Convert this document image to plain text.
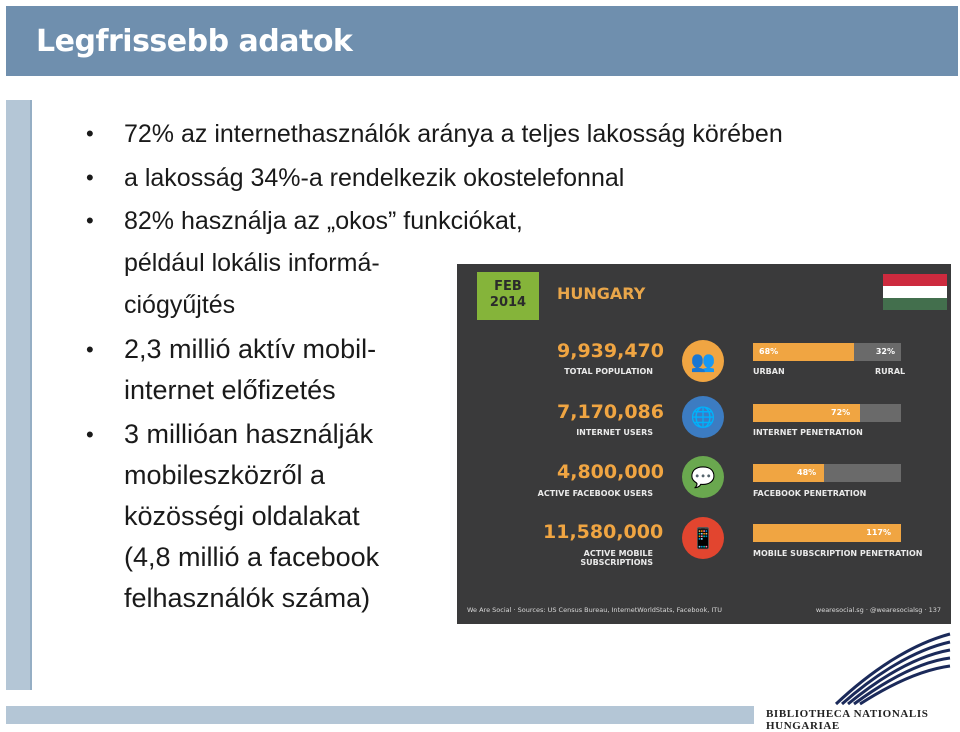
Legfrissebb adatok
• 72% az internethasználók aránya a teljes lakosság körében
• a lakosság 34%-a rendelkezik okostelefonnal
• 82% használja az „okos” funkciókat,
például lokális informá-
ciógyűjtés
• 2,3 millió aktív mobil-
internet előfizetés
• 3 millióan használják
mobileszközről a
közösségi oldalakat
(4,8 millió a facebook
felhasználók száma)
FEB
2014	HUNGARY
9,939,470
TOTAL POPULATION	👥	68%	32%
URBAN	RURAL
7,170,086
INTERNET USERS
🌐	72%
INTERNET PENETRATION
4,800,000
ACTIVE FACEBOOK USERS
💬	48%
FACEBOOK PENETRATION
11,580,000
ACTIVE MOBILE SUBSCRIPTIONS
📱	117%
MOBILE SUBSCRIPTION PENETRATION
We Are Social · Sources: US Census Bureau, InternetWorldStats, Facebook, ITU	wearesocial.sg · @wearesocialsg · 137
BIBLIOTHECA NATIONALIS HUNGARIAE
